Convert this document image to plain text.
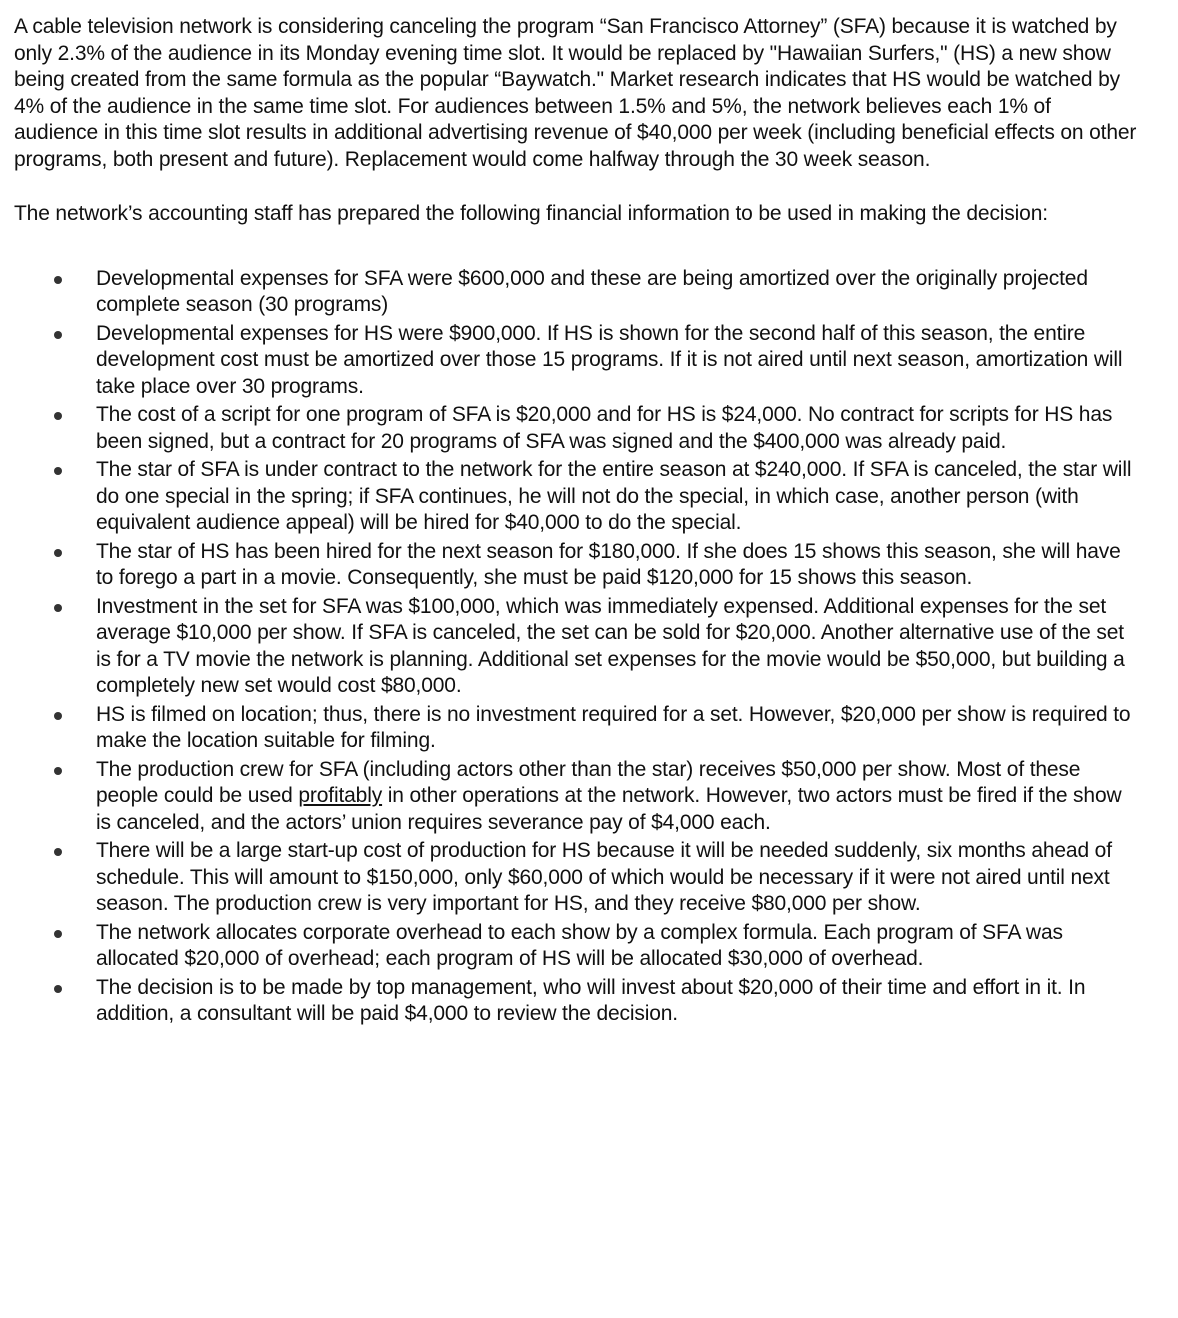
A cable television network is considering canceling the program “San Francisco Attorney” (SFA) because it is watched by only 2.3% of the audience in its Monday evening time slot. It would be replaced by "Hawaiian Surfers," (HS) a new show being created from the same formula as the popular “Baywatch." Market research indicates that HS would be watched by 4% of the audience in the same time slot. For audiences between 1.5% and 5%, the network believes each 1% of audience in this time slot results in additional advertising revenue of $40,000 per week (including beneficial effects on other programs, both present and future). Replacement would come halfway through the 30 week season.

The network’s accounting staff has prepared the following financial information to be used in making the decision:

Developmental expenses for SFA were $600,000 and these are being amortized over the originally projected complete season (30 programs)
Developmental expenses for HS were $900,000. If HS is shown for the second half of this season, the entire development cost must be amortized over those 15 programs. If it is not aired until next season, amortization will take place over 30 programs.
The cost of a script for one program of SFA is $20,000 and for HS is $24,000. No contract for scripts for HS has been signed, but a contract for 20 programs of SFA was signed and the $400,000 was already paid.
The star of SFA is under contract to the network for the entire season at $240,000. If SFA is canceled, the star will do one special in the spring; if SFA continues, he will not do the special, in which case, another person (with equivalent audience appeal) will be hired for $40,000 to do the special.
The star of HS has been hired for the next season for $180,000. If she does 15 shows this season, she will have to forego a part in a movie. Consequently, she must be paid $120,000 for 15 shows this season.
Investment in the set for SFA was $100,000, which was immediately expensed. Additional expenses for the set average $10,000 per show. If SFA is canceled, the set can be sold for $20,000. Another alternative use of the set is for a TV movie the network is planning. Additional set expenses for the movie would be $50,000, but building a completely new set would cost $80,000.
HS is filmed on location; thus, there is no investment required for a set. However, $20,000 per show is required to make the location suitable for filming.
The production crew for SFA (including actors other than the star) receives $50,000 per show. Most of these people could be used profitably in other operations at the network. However, two actors must be fired if the show is canceled, and the actors’ union requires severance pay of $4,000 each.
There will be a large start-up cost of production for HS because it will be needed suddenly, six months ahead of schedule. This will amount to $150,000, only $60,000 of which would be necessary if it were not aired until next season. The production crew is very important for HS, and they receive $80,000 per show.
The network allocates corporate overhead to each show by a complex formula. Each program of SFA was allocated $20,000 of overhead; each program of HS will be allocated $30,000 of overhead.
The decision is to be made by top management, who will invest about $20,000 of their time and effort in it. In addition, a consultant will be paid $4,000 to review the decision.
